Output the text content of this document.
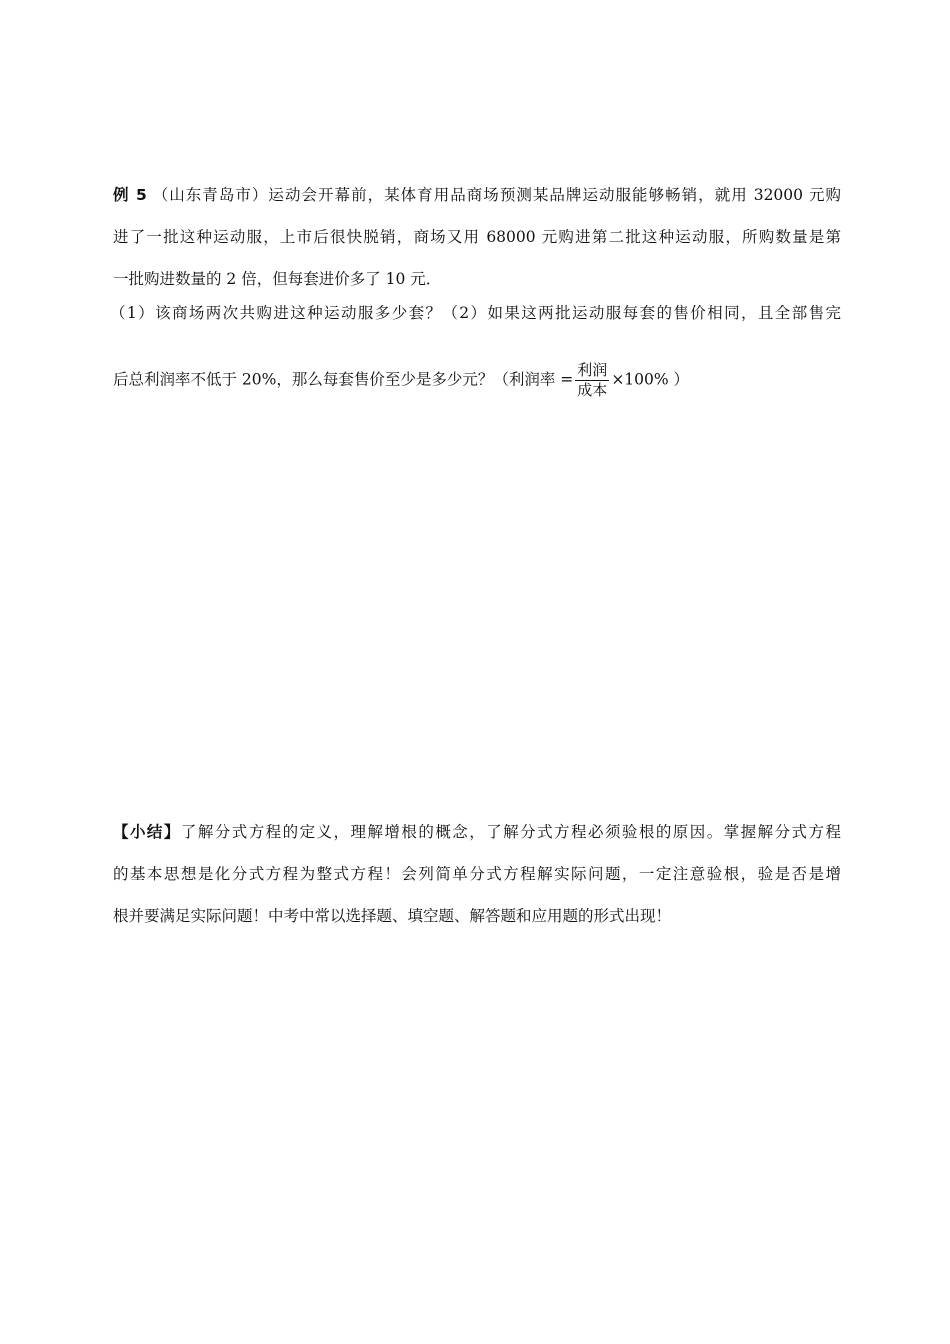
例 5 （山东青岛市）运动会开幕前，某体育用品商场预测某品牌运动服能够畅销，就用 32000 元购
进了一批这种运动服，上市后很快脱销，商场又用 68000 元购进第二批这种运动服，所购数量是第
一批购进数量的 2 倍，但每套进价多了 10 元．
（1）该商场两次共购进这种运动服多少套？（2）如果这两批运动服每套的售价相同，且全部售完
后总利润率不低于 20%，那么每套售价至少是多少元？（利润率 = $\frac{\text{利润}}{\text{成本}} \times 100\%$ ）
【小结】了解分式方程的定义，理解增根的概念，了解分式方程必须验根的原因。掌握解分式方程
的基本思想是化分式方程为整式方程！会列简单分式方程解实际问题，一定注意验根，验是否是增
根并要满足实际问题！中考中常以选择题、填空题、解答题和应用题的形式出现！
